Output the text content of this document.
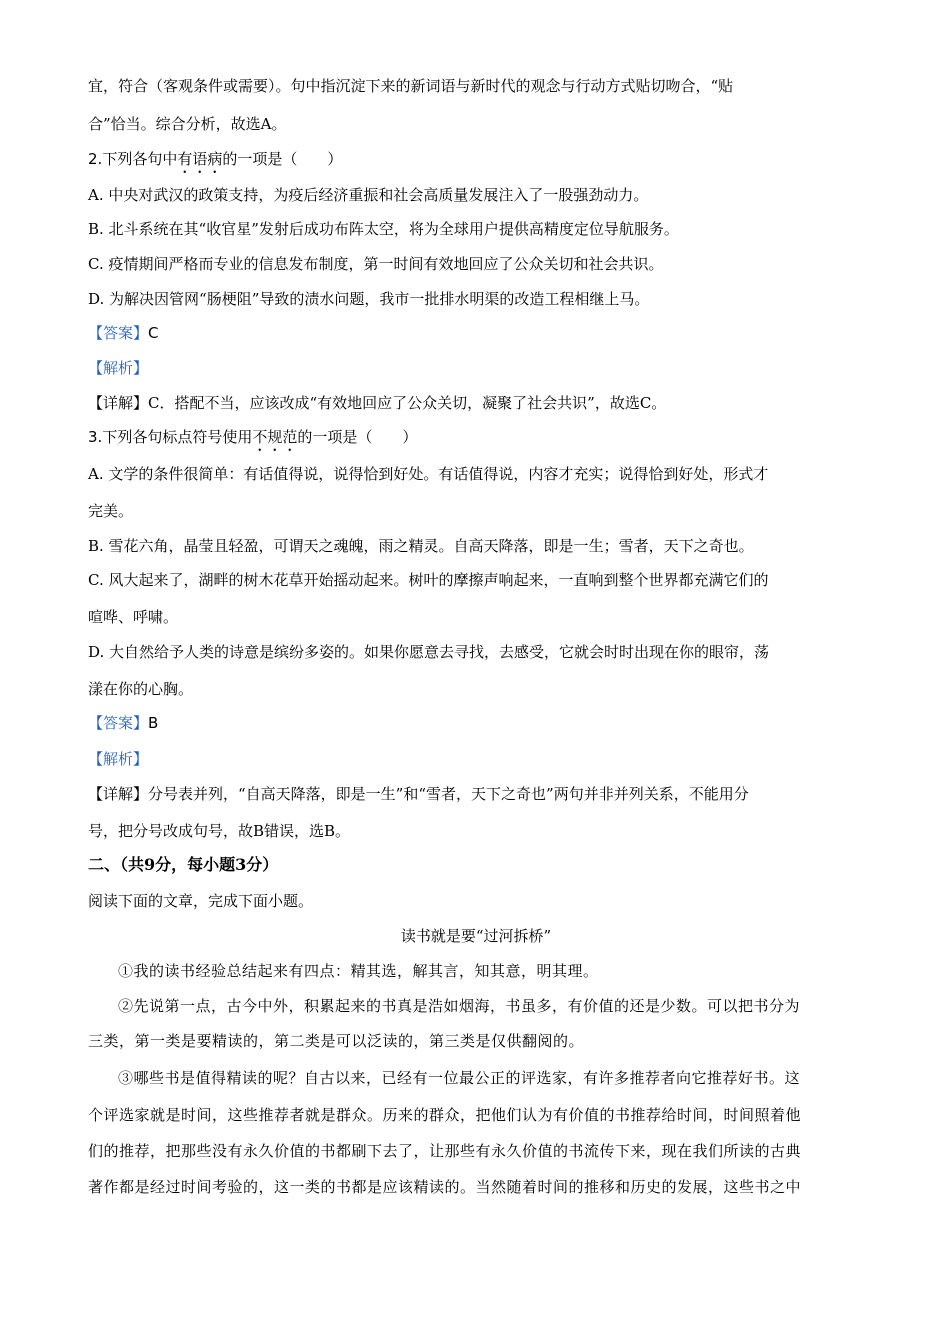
宜，符合（客观条件或需要）。句中指沉淀下来的新词语与新时代的观念与行动方式贴切吻合，“贴
合”恰当。综合分析，故选A。
2.下列各句中有语病的一项是（　　）
A. 中央对武汉的政策支持，为疫后经济重振和社会高质量发展注入了一股强劲动力。
B. 北斗系统在其“收官星”发射后成功布阵太空，将为全球用户提供高精度定位导航服务。
C. 疫情期间严格而专业的信息发布制度，第一时间有效地回应了公众关切和社会共识。
D. 为解决因管网“肠梗阻”导致的渍水问题，我市一批排水明渠的改造工程相继上马。
【答案】C
【解析】
【详解】C．搭配不当，应该改成“有效地回应了公众关切，凝聚了社会共识”，故选C。
3.下列各句标点符号使用不规范的一项是（　　）
A. 文学的条件很简单：有话值得说，说得恰到好处。有话值得说，内容才充实；说得恰到好处，形式才
完美。
B. 雪花六角，晶莹且轻盈，可谓天之魂魄，雨之精灵。自高天降落，即是一生；雪者，天下之奇也。
C. 风大起来了，湖畔的树木花草开始摇动起来。树叶的摩擦声响起来，一直响到整个世界都充满它们的
喧哗、呼啸。
D. 大自然给予人类的诗意是缤纷多姿的。如果你愿意去寻找，去感受，它就会时时出现在你的眼帘，荡
漾在你的心胸。
【答案】B
【解析】
【详解】分号表并列，“自高天降落，即是一生”和“雪者，天下之奇也”两句并非并列关系，不能用分
号，把分号改成句号，故B错误，选B。
二、（共9分，每小题3分）
阅读下面的文章，完成下面小题。
读书就是要“过河拆桥”
①我的读书经验总结起来有四点：精其选，解其言，知其意，明其理。
②先说第一点，古今中外，积累起来的书真是浩如烟海，书虽多，有价值的还是少数。可以把书分为
三类，第一类是要精读的，第二类是可以泛读的，第三类是仅供翻阅的。
③哪些书是值得精读的呢？自古以来，已经有一位最公正的评选家，有许多推荐者向它推荐好书。这
个评选家就是时间，这些推荐者就是群众。历来的群众，把他们认为有价值的书推荐给时间，时间照着他
们的推荐，把那些没有永久价值的书都刷下去了，让那些有永久价值的书流传下来，现在我们所读的古典
著作都是经过时间考验的，这一类的书都是应该精读的。当然随着时间的推移和历史的发展，这些书之中
